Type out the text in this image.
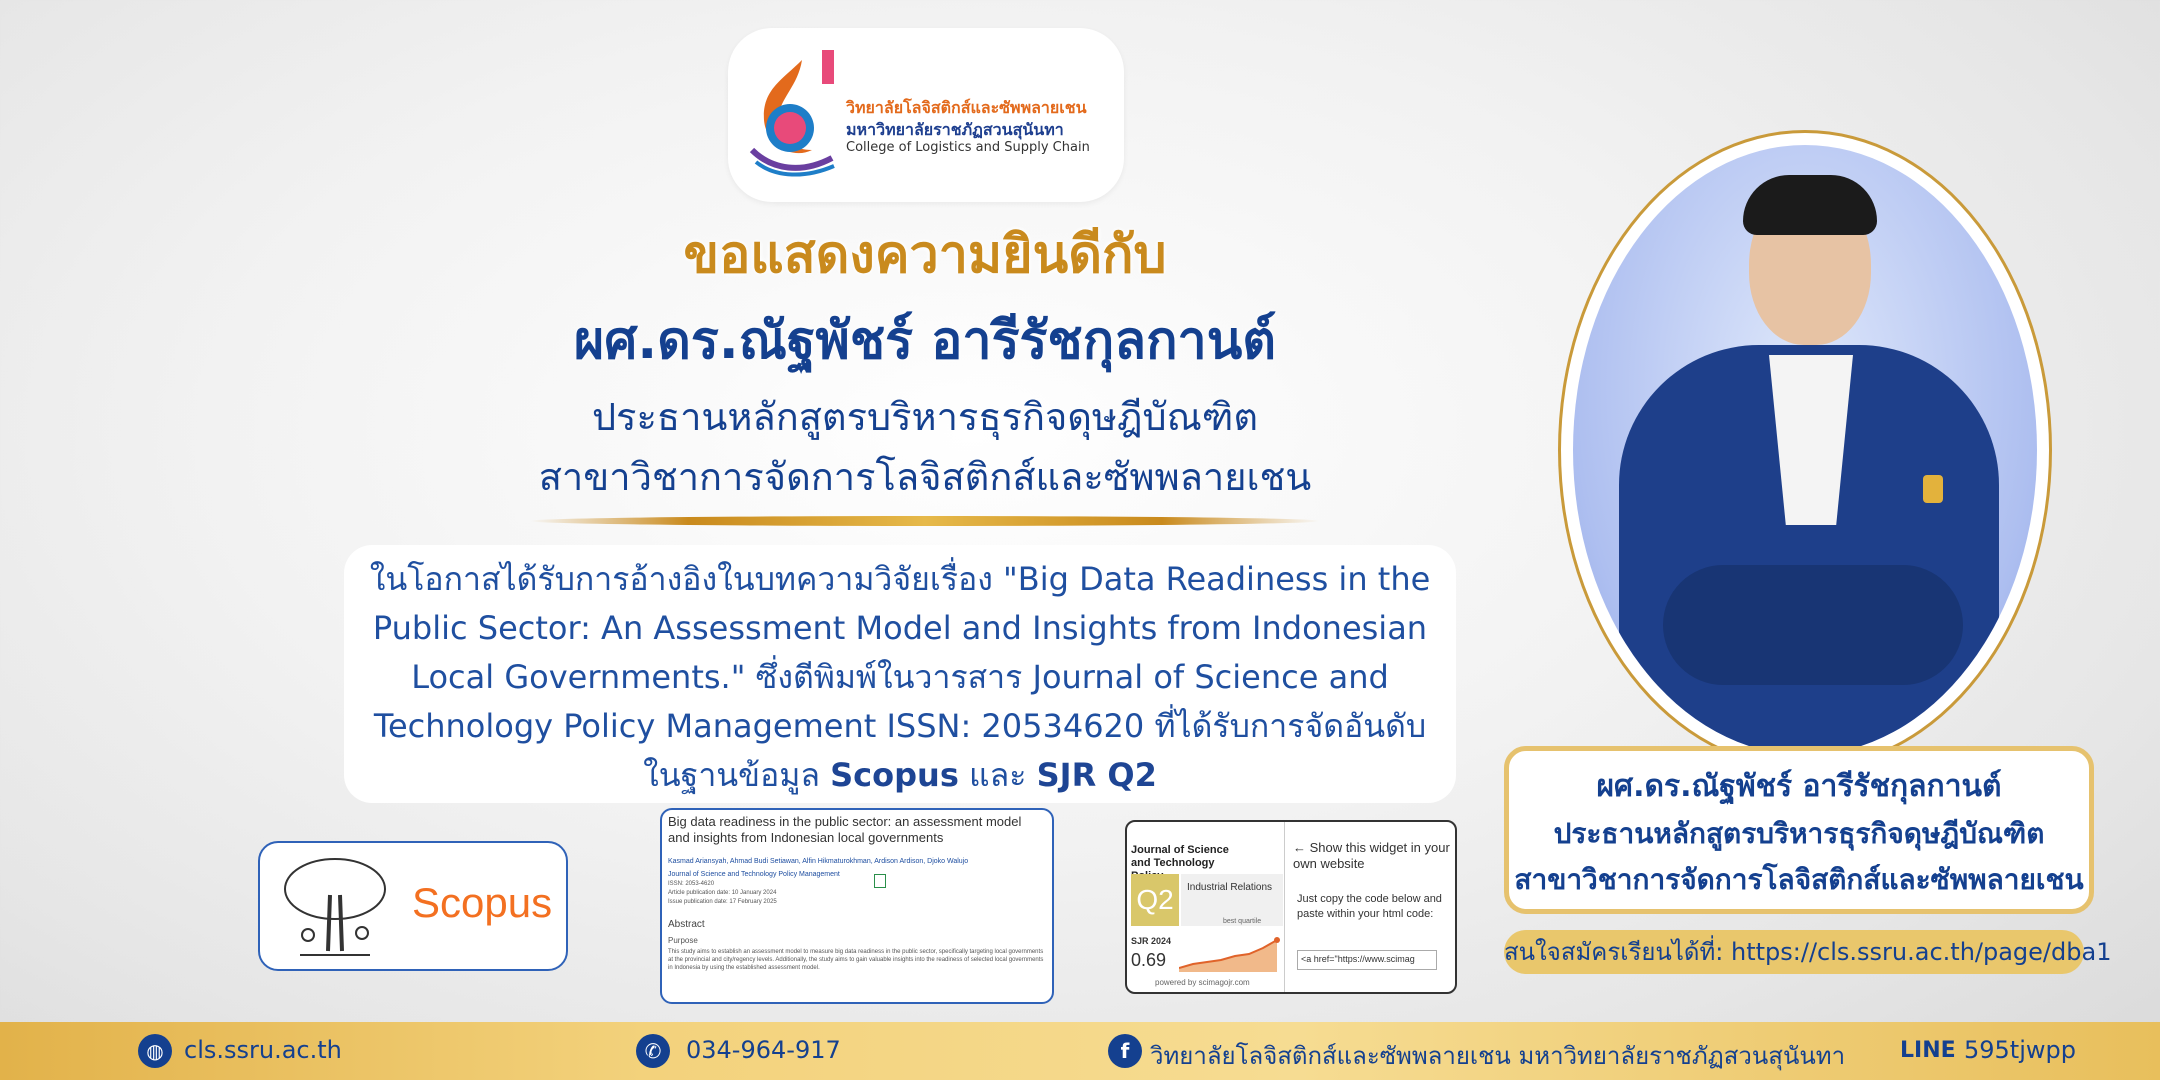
วิทยาลัยโลจิสติกส์และซัพพลายเชน
มหาวิทยาลัยราชภัฏสวนสุนันทา
College of Logistics and Supply Chain
ขอแสดงความยินดีกับ
ผศ.ดร.ณัฐพัชร์ อารีรัชกุลกานต์
ประธานหลักสูตรบริหารธุรกิจดุษฎีบัณฑิต
สาขาวิชาการจัดการโลจิสติกส์และซัพพลายเชน

ในโอกาสได้รับการอ้างอิงในบทความวิจัยเรื่อง "Big Data Readiness in the Public Sector: An Assessment Model and Insights from Indonesian Local Governments." ซึ่งตีพิมพ์ในวารสาร Journal of Science and Technology Policy Management ISSN: 20534620 ที่ได้รับการจัดอันดับในฐานข้อมูล Scopus และ SJR Q2

Scopus
Big data readiness in the public sector: an assessment model and insights from Indonesian local governments
Kasmad Ariansyah, Ahmad Budi Setiawan, Alfin Hikmaturokhman, Ardison Ardison, Djoko Walujo
Journal of Science and Technology Policy Management
ISSN: 2053-4620
Article publication date: 10 January 2024
Issue publication date: 17 February 2025
Abstract
Purpose
This study aims to establish an assessment model to measure big data readiness in the public sector, specifically targeting local governments at the provincial and city/regency levels. Additionally, the study aims to gain valuable insights into the readiness of selected local governments in Indonesia by using the established assessment model.
Journal of Science and Technology
Q2	Industrial Relations
best quartile
SJR 2024
0.69
powered by scimagojr.com
← Show this widget in your own website
Just copy the code below and paste within your html code:
<a href="https://www.scimag
ผศ.ดร.ณัฐพัชร์ อารีรัชกุลกานต์
ประธานหลักสูตรบริหารธุรกิจดุษฎีบัณฑิต
สาขาวิชาการจัดการโลจิสติกส์และซัพพลายเชน
สนใจสมัครเรียนได้ที่: https://cls.ssru.ac.th/page/dba1
◍ cls.ssru.ac.th	✆	034-964-917	f วิทยาลัยโลจิสติกส์และซัพพลายเชน มหาวิทยาลัยราชภัฏสวนสุนันทา LINE 595tjwpp
